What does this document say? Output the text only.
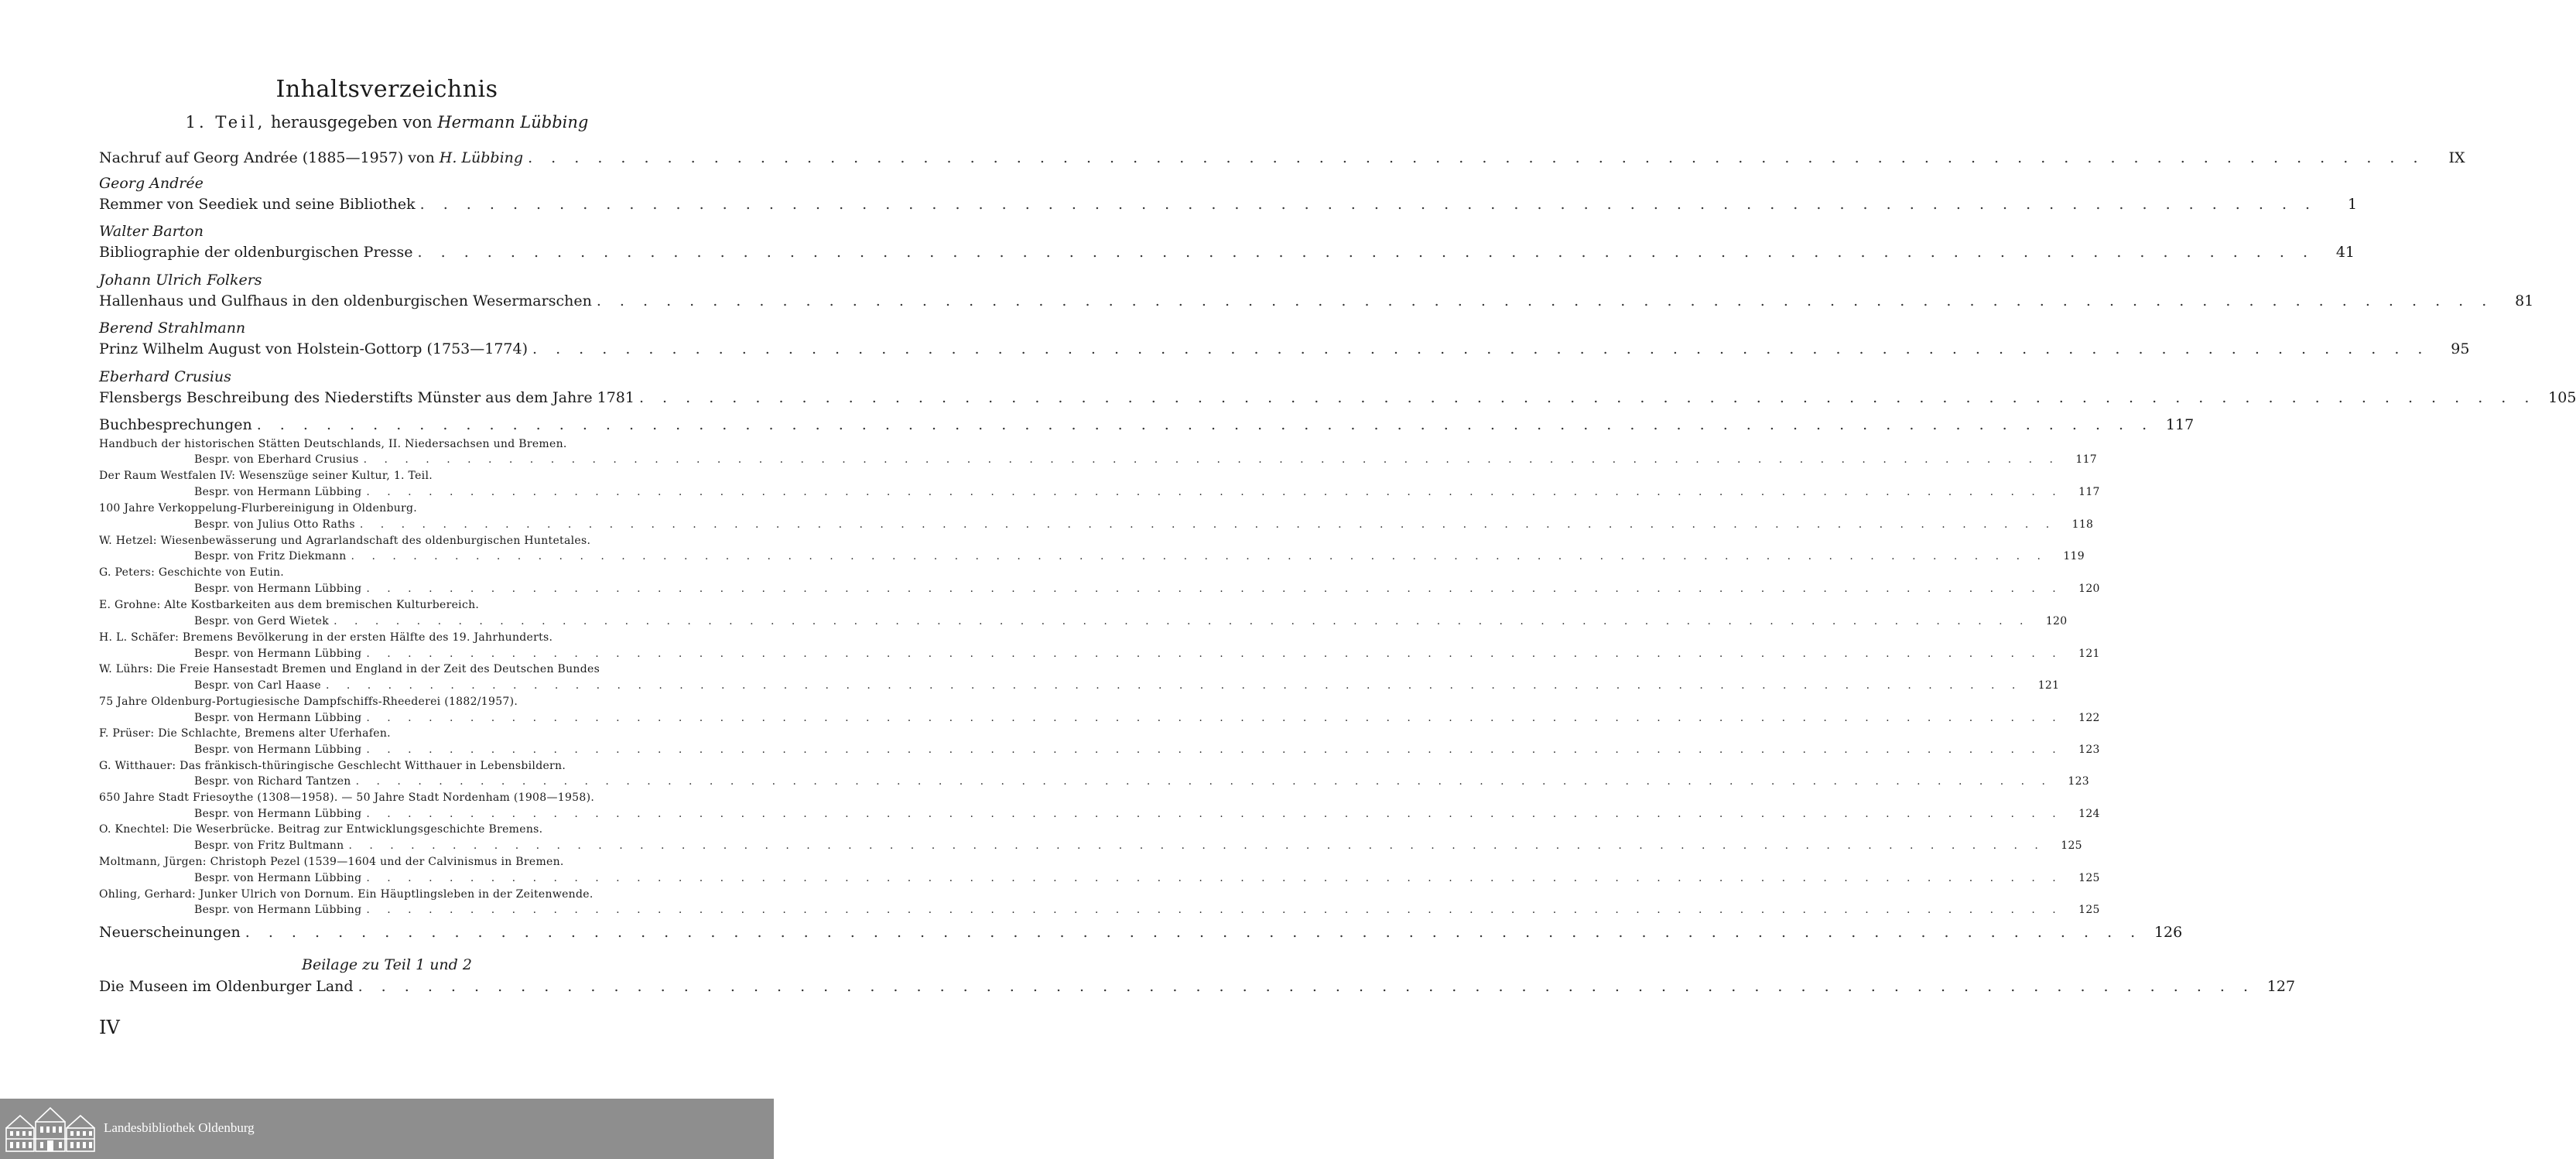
Inhaltsverzeichnis
1. Teil, herausgegeben von Hermann Lübbing
Nachruf auf Georg Andrée (1885—1957) von H. Lübbing . . .	IX
Georg Andrée
Remmer von Seediek und seine Bibliothek . . .	1
Walter Barton
Bibliographie der oldenburgischen Presse . . .	41
Johann Ulrich Folkers
Hallenhaus und Gulfhaus in den oldenburgischen Wesermarschen . . .	81
Berend Strahlmann
Prinz Wilhelm August von Holstein-Gottorp (1753—1774) . . .	95
Eberhard Crusius
Flensbergs Beschreibung des Niederstifts Münster aus dem Jahre 1781 . . .	105
Buchbesprechungen . . .	117
Handbuch der historischen Stätten Deutschlands, II. Niedersachsen und Bremen.
Bespr. von Eberhard Crusius . . .	117
Der Raum Westfalen IV: Wesenszüge seiner Kultur, 1. Teil.
Bespr. von Hermann Lübbing . . .	117
100 Jahre Verkoppelung-Flurbereinigung in Oldenburg.
Bespr. von Julius Otto Raths . . .	118
W. Hetzel: Wiesenbewässerung und Agrarlandschaft des oldenburgischen Huntetales.
Bespr. von Fritz Diekmann . . .	119
G. Peters: Geschichte von Eutin.
Bespr. von Hermann Lübbing . . .	120
E. Grohne: Alte Kostbarkeiten aus dem bremischen Kulturbereich.
Bespr. von Gerd Wietek . . .	120
H. L. Schäfer: Bremens Bevölkerung in der ersten Hälfte des 19. Jahrhunderts.
Bespr. von Hermann Lübbing . . .	121
W. Lührs: Die Freie Hansestadt Bremen und England in der Zeit des Deutschen Bundes
Bespr. von Carl Haase . . .	121
75 Jahre Oldenburg-Portugiesische Dampfschiffs-Rheederei (1882/1957).
Bespr. von Hermann Lübbing . . .	122
F. Prüser: Die Schlachte, Bremens alter Uferhafen.
Bespr. von Hermann Lübbing . . .	123
G. Witthauer: Das fränkisch-thüringische Geschlecht Witthauer in Lebensbildern.
Bespr. von Richard Tantzen . . .	123
650 Jahre Stadt Friesoythe (1308—1958). — 50 Jahre Stadt Nordenham (1908—1958).
Bespr. von Hermann Lübbing . . .	124
O. Knechtel: Die Weserbrücke. Beitrag zur Entwicklungsgeschichte Bremens.
Bespr. von Fritz Bultmann . . .	125
Moltmann, Jürgen: Christoph Pezel (1539—1604 und der Calvinismus in Bremen.
Bespr. von Hermann Lübbing . . .	125
Ohling, Gerhard: Junker Ulrich von Dornum. Ein Häuptlingsleben in der Zeitenwende.
Bespr. von Hermann Lübbing . . .	125
Neuerscheinungen . . .	126
Beilage zu Teil 1 und 2
Die Museen im Oldenburger Land . . .	127
IV
Landesbibliothek Oldenburg
